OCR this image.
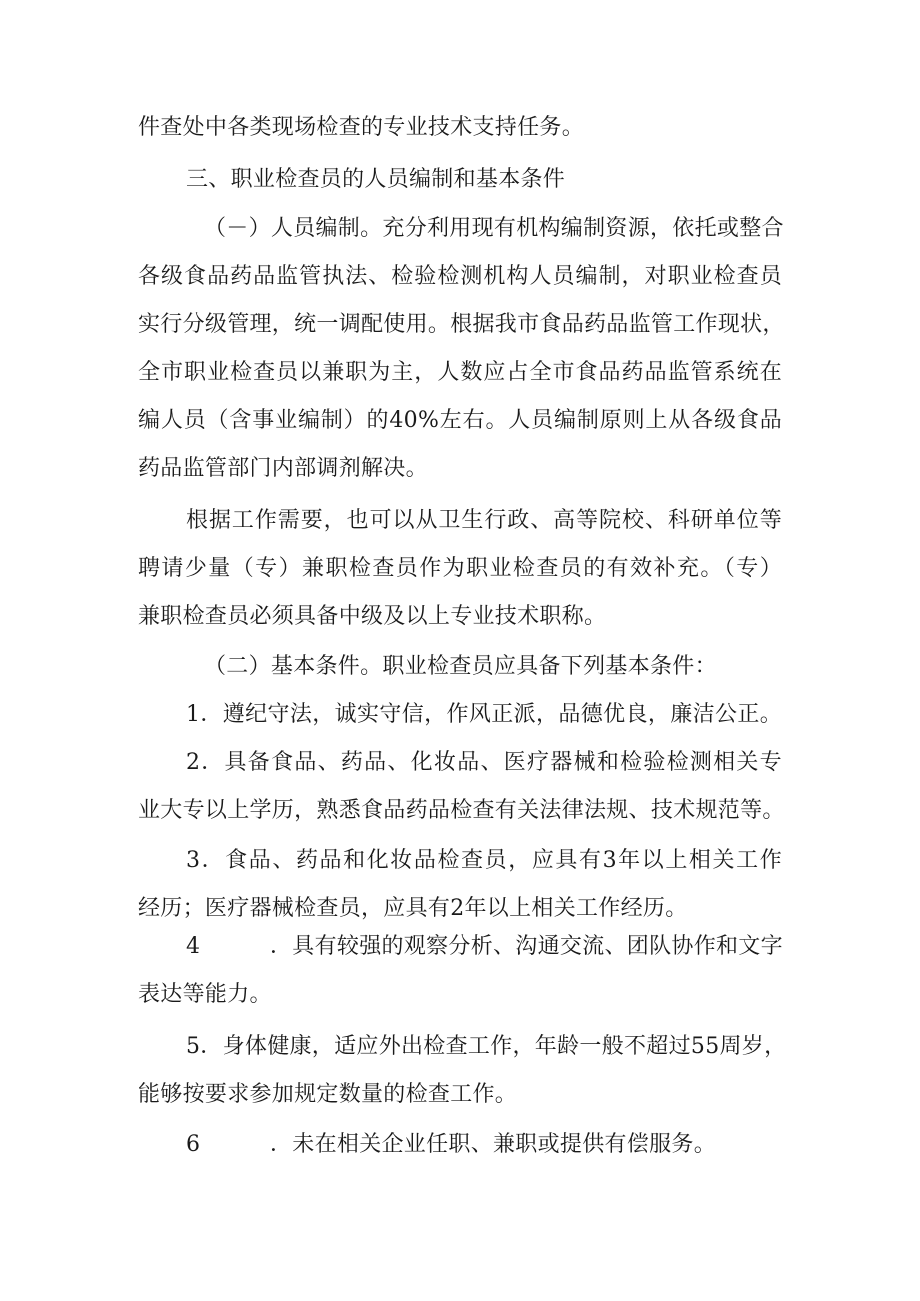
件查处中各类现场检查的专业技术支持任务。
三、职业检查员的人员编制和基本条件
（－）人员编制。充分利用现有机构编制资源，依托或整合
各级食品药品监管执法、检验检测机构人员编制，对职业检查员
实行分级管理，统一调配使用。根据我市食品药品监管工作现状，
全市职业检查员以兼职为主，人数应占全市食品药品监管系统在
编人员（含事业编制）的40%左右。人员编制原则上从各级食品
药品监管部门内部调剂解决。
根据工作需要，也可以从卫生行政、高等院校、科研单位等
聘请少量（专）兼职检查员作为职业检查员的有效补充。（专）
兼职检查员必须具备中级及以上专业技术职称。
（二）基本条件。职业检查员应具备下列基本条件：
1．遵纪守法，诚实守信，作风正派，品德优良，廉洁公正。
2．具备食品、药品、化妆品、医疗器械和检验检测相关专
业大专以上学历，熟悉食品药品检查有关法律法规、技术规范等。
3．食品、药品和化妆品检查员，应具有3年以上相关工作
经历；医疗器械检查员，应具有2年以上相关工作经历。
4	．具有较强的观察分析、沟通交流、团队协作和文字
表达等能力。
5．身体健康，适应外出检查工作，年龄一般不超过55周岁，
能够按要求参加规定数量的检查工作。
6	．未在相关企业任职、兼职或提供有偿服务。
